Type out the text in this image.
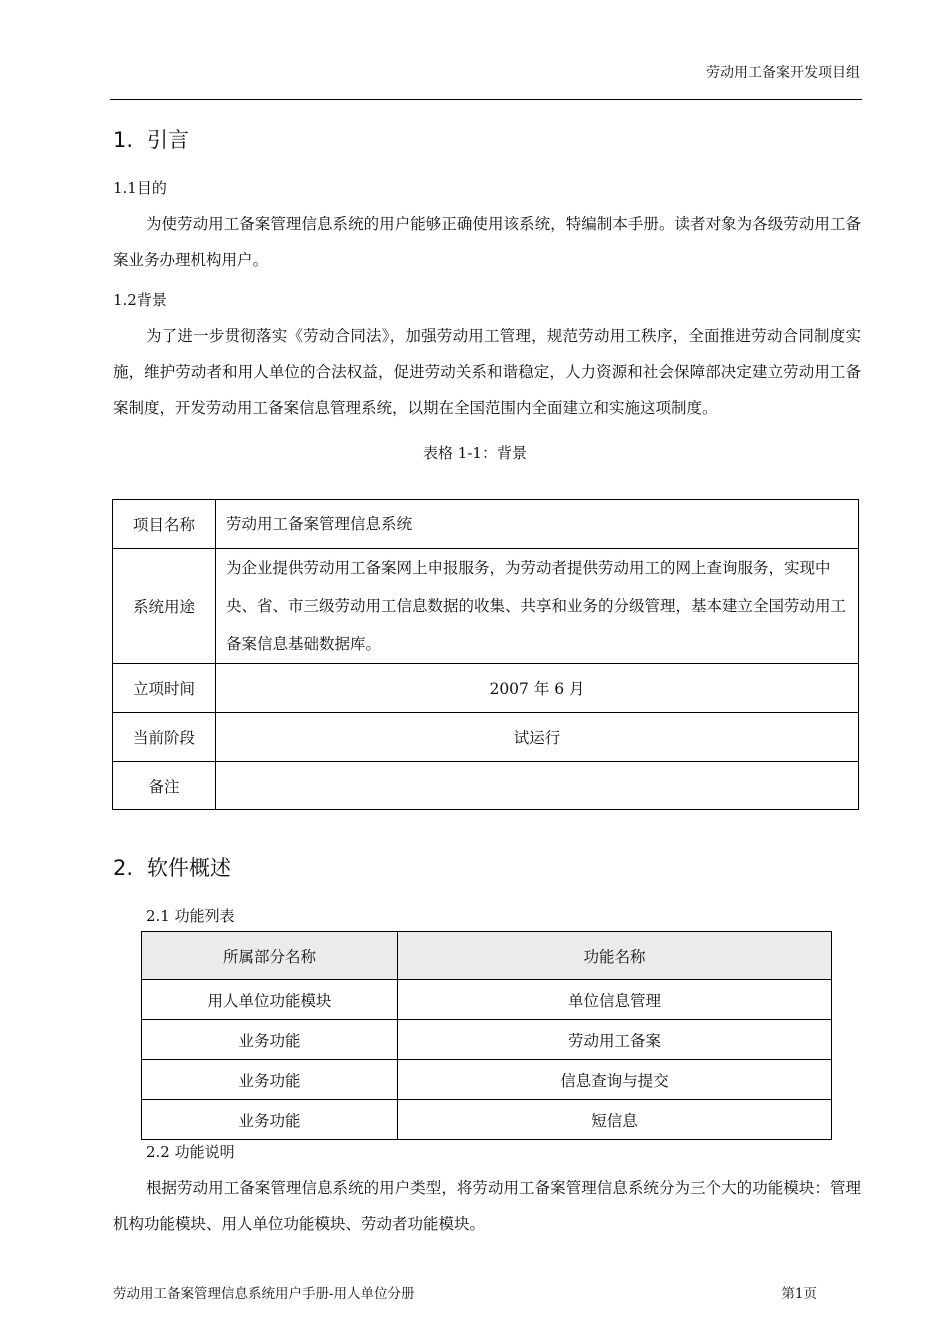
劳动用工备案开发项目组
1. 引言
1.1目的
为使劳动用工备案管理信息系统的用户能够正确使用该系统，特编制本手册。读者对象为各级劳动用工备案业务办理机构用户。
1.2背景
为了进一步贯彻落实《劳动合同法》，加强劳动用工管理，规范劳动用工秩序，全面推进劳动合同制度实施，维护劳动者和用人单位的合法权益，促进劳动关系和谐稳定，人力资源和社会保障部决定建立劳动用工备案制度，开发劳动用工备案信息管理系统，以期在全国范围内全面建立和实施这项制度。
表格 1-1：背景
项目名称	劳动用工备案管理信息系统
系统用途	为企业提供劳动用工备案网上申报服务，为劳动者提供劳动用工的网上查询服务，实现中央、省、市三级劳动用工信息数据的收集、共享和业务的分级管理，基本建立全国劳动用工备案信息基础数据库。
立项时间	2007 年 6 月
当前阶段	试运行
备注	
2. 软件概述
2.1 功能列表
所属部分名称	功能名称
用人单位功能模块	单位信息管理
业务功能	劳动用工备案
业务功能	信息查询与提交
业务功能	短信息
2.2 功能说明
根据劳动用工备案管理信息系统的用户类型，将劳动用工备案管理信息系统分为三个大的功能模块：管理机构功能模块、用人单位功能模块、劳动者功能模块。
劳动用工备案管理信息系统用户手册-用人单位分册	第1页
